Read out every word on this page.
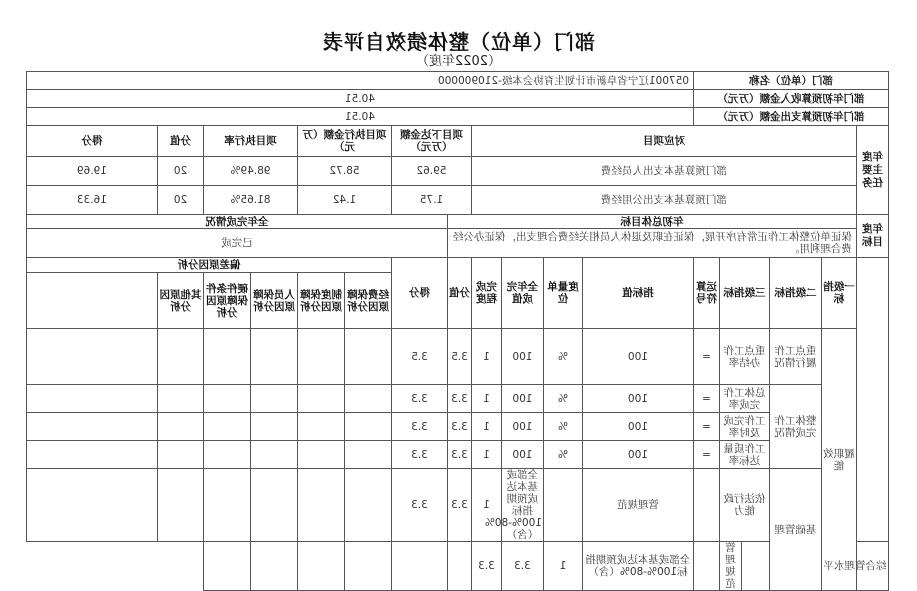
部门（单位）整体绩效自评表
（2022年度）
部门（单位）名称						057001辽宁省阜新市计划生育协会本级-210900000												
部门年初预算收入金额（万元）						40.51												
部门年初预算支出金额（万元）						40.51												
年度主要任务	对应项目									项目下达金额（万元）		项目执行金额（万元）		项目执行率		分值	得分	
	部门预算基本支出人员经费									59.62		58.72		98.49%		20	19.69	
	部门预算基本支出公用经费									1.75		1.42		81.65%		20	16.33	
年度目标	年初总体目标										全年完成情况							
	保证单位整体工作正常有序开展，保证在职及退休人员相关经费合理支出，保证办公经费合理利用。										已完成							
	一级指标	二级指标	三级指标		运算符号	指标值	度量单位	全年完成值	完成程度	分值	得分	偏差原因分析	
												经费保障原因分析	制度保障原因分析	人员保障原因分析	硬件条件保障原因分析	其他原因分析		
	履职效能	重点工作履行情况	重点工作办结率		=	100	%	100	1	3.5	3.5							
		整体工作完成情况	总体工作完成率		=	100	%	100	1	3.3	3.3							
			工作完成及时率		=	100	%	100	1	3.3	3.3							
			工作质量达标率		=	100	%	100	1	3.3	3.3							
		基础管理	依法行政能力			管理规范		全部或基本达成预期指标100%-80%（含）	1	3.3	3.3							
综合管理水平				管理规范		全部或基本达成预期指标100%-80%（含）	1	3.3	3.3									
